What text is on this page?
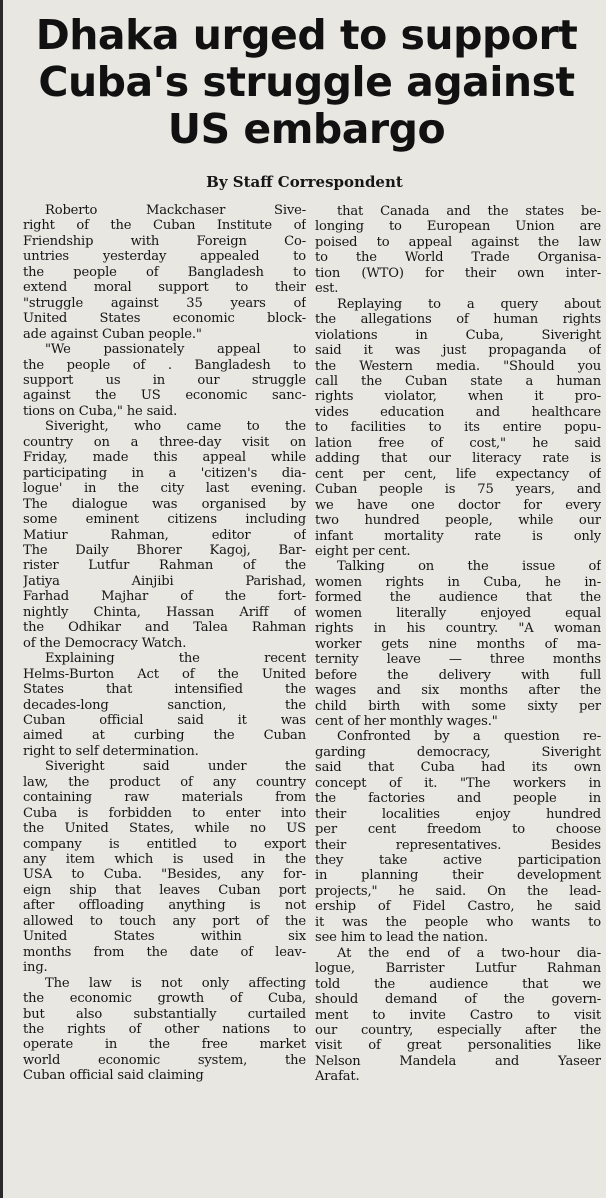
Dhaka urged to support
Cuba's struggle against
US embargo
By Staff Correspondent

Roberto Mackchaser Sive-
right of the Cuban Institute of
Friendship with Foreign Co-
untries yesterday appealed to
the people of Bangladesh to
extend moral support to their
"struggle against 35 years of
United States economic block-
ade against Cuban people."

"We passionately appeal to
the people of . Bangladesh to
support us in our struggle
against the US economic sanc-
tions on Cuba," he said.

Siveright, who came to the
country on a three-day visit on
Friday, made this appeal while
participating in a 'citizen's dia-
logue' in the city last evening.
The dialogue was organised by
some eminent citizens including
Matiur Rahman, editor of
The Daily Bhorer Kagoj, Bar-
rister Lutfur Rahman of the
Jatiya Ainjibi Parishad,
Farhad Majhar of the fort-
nightly Chinta, Hassan Ariff of
the Odhikar and Talea Rahman
of the Democracy Watch.

Explaining the recent
Helms-Burton Act of the United
States that intensified the
decades-long sanction, the
Cuban official said it was
aimed at curbing the Cuban
right to self determination.

Siveright said under the
law, the product of any country
containing raw materials from
Cuba is forbidden to enter into
the United States, while no US
company is entitled to export
any item which is used in the
USA to Cuba. "Besides, any for-
eign ship that leaves Cuban port
after offloading anything is not
allowed to touch any port of the
United States within six
months from the date of leav-
ing.

The law is not only affecting
the economic growth of Cuba,
but also substantially curtailed
the rights of other nations to
operate in the free market
world economic system, the
Cuban official said claiming

that Canada and the states be-
longing to European Union are
poised to appeal against the law
to the World Trade Organisa-
tion (WTO) for their own inter-
est.

Replaying to a query about
the allegations of human rights
violations in Cuba, Siveright
said it was just propaganda of
the Western media. "Should you
call the Cuban state a human
rights violator, when it pro-
vides education and healthcare
to facilities to its entire popu-
lation free of cost," he said
adding that our literacy rate is
cent per cent, life expectancy of
Cuban people is 75 years, and
we have one doctor for every
two hundred people, while our
infant mortality rate is only
eight per cent.

Talking on the issue of
women rights in Cuba, he in-
formed the audience that the
women literally enjoyed equal
rights in his country. "A woman
worker gets nine months of ma-
ternity leave — three months
before the delivery with full
wages and six months after the
child birth with some sixty per
cent of her monthly wages."

Confronted by a question re-
garding democracy, Siveright
said that Cuba had its own
concept of it. "The workers in
the factories and people in
their localities enjoy hundred
per cent freedom to choose
their representatives. Besides
they take active participation
in planning their development
projects," he said. On the lead-
ership of Fidel Castro, he said
it was the people who wants to
see him to lead the nation.

At the end of a two-hour dia-
logue, Barrister Lutfur Rahman
told the audience that we
should demand of the govern-
ment to invite Castro to visit
our country, especially after the
visit of great personalities like
Nelson Mandela and Yaseer
Arafat.
